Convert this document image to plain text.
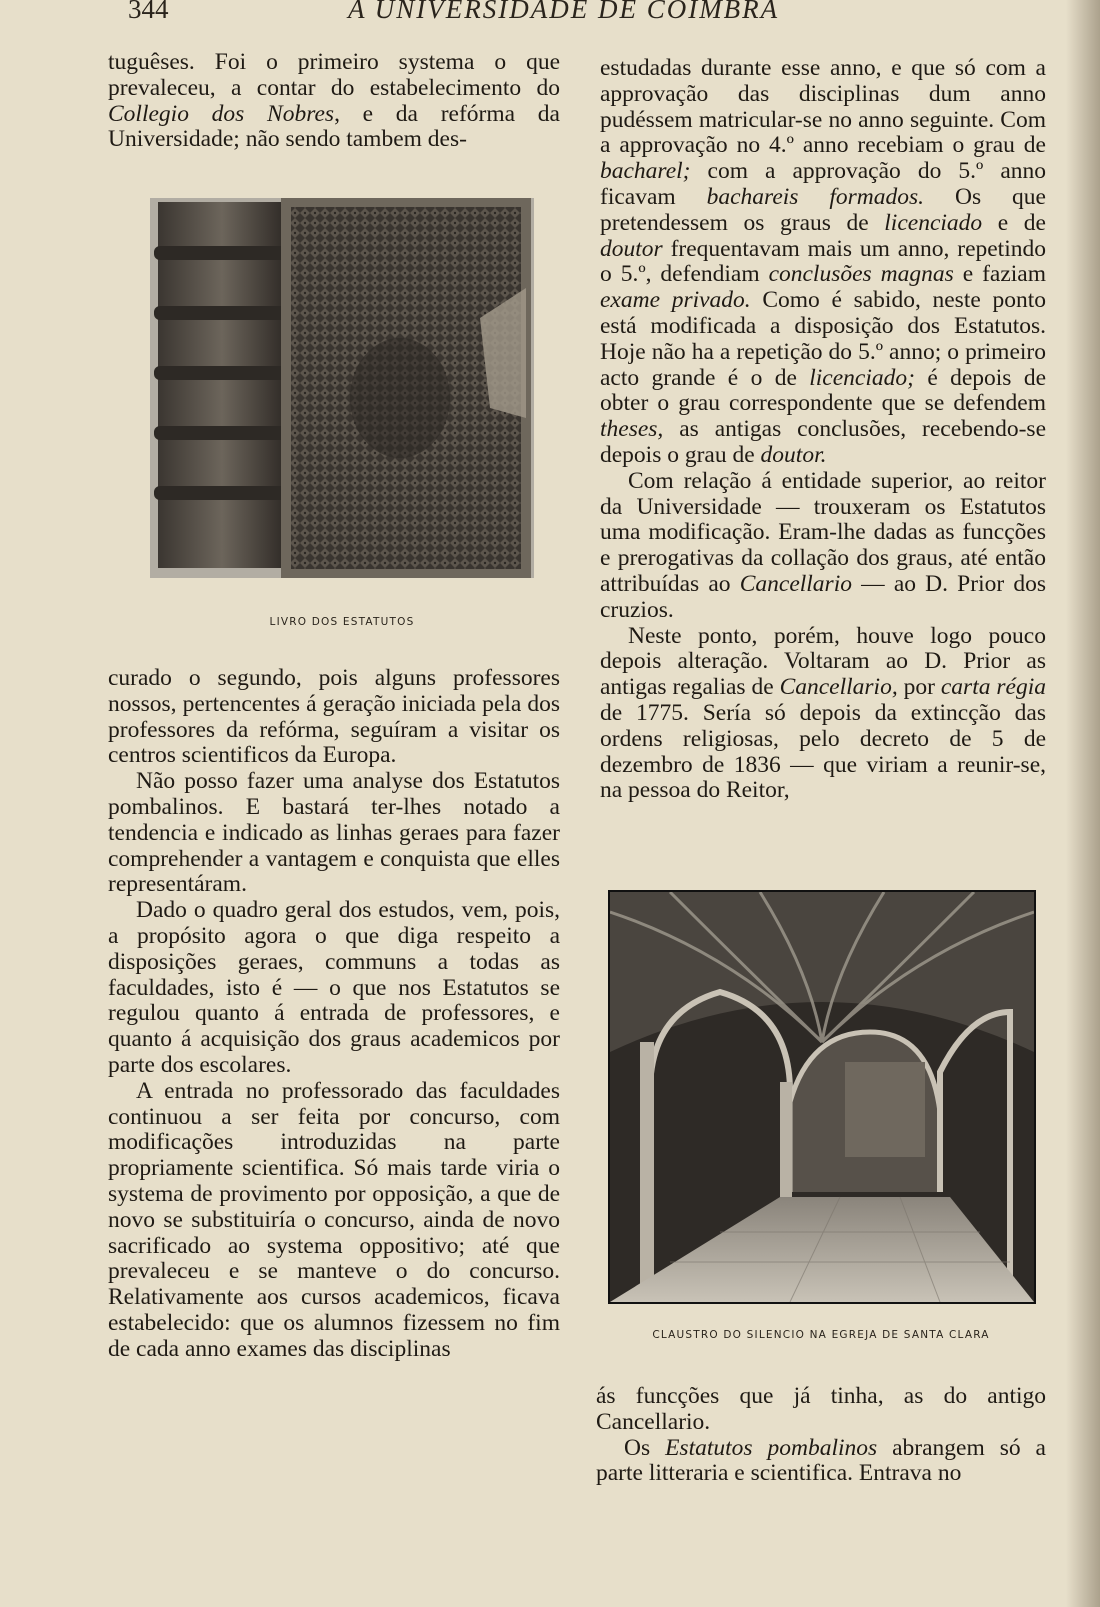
344	A UNIVERSIDADE DE COIMBRA

tuguêses. Foi o primeiro systema o que prevaleceu, a contar do estabelecimento do Collegio dos Nobres, e da refórma da Universidade; não sendo tambem des-

LIVRO DOS ESTATUTOS

curado o segundo, pois alguns professores nossos, pertencentes á geração iniciada pela dos professores da refórma, seguíram a visitar os centros scientificos da Europa.

Não posso fazer uma analyse dos Estatutos pombalinos. E bastará ter-lhes notado a tendencia e indicado as linhas geraes para fazer comprehender a vantagem e conquista que elles representáram.

Dado o quadro geral dos estudos, vem, pois, a propósito agora o que diga respeito a disposições geraes, communs a todas as faculdades, isto é — o que nos Estatutos se regulou quanto á entrada de professores, e quanto á acquisição dos graus academicos por parte dos escolares.

A entrada no professorado das faculdades continuou a ser feita por concurso, com modificações introduzidas na parte propriamente scientifica. Só mais tarde viria o systema de provimento por opposição, a que de novo se substituiría o concurso, ainda de novo sacrificado ao systema oppositivo; até que prevaleceu e se manteve o do concurso. Relativamente aos cursos academicos, ficava estabelecido: que os alumnos fizessem no fim de cada anno exames das disciplinas

estudadas durante esse anno, e que só com a approvação das disciplinas dum anno pudéssem matricular-se no anno seguinte. Com a approvação no 4.º anno recebiam o grau de bacharel; com a approvação do 5.º anno ficavam bachareis formados. Os que pretendessem os graus de licenciado e de doutor frequentavam mais um anno, repetindo o 5.º, defendiam conclusões magnas e faziam exame privado. Como é sabido, neste ponto está modificada a disposição dos Estatutos. Hoje não ha a repetição do 5.º anno; o primeiro acto grande é o de licenciado; é depois de obter o grau correspondente que se defendem theses, as antigas conclusões, recebendo-se depois o grau de doutor.

Com relação á entidade superior, ao reitor da Universidade — trouxeram os Estatutos uma modificação. Eram-lhe dadas as funcções e prerogativas da collação dos graus, até então attribuídas ao Cancellario — ao D. Prior dos cruzios.

Neste ponto, porém, houve logo pouco depois alteração. Voltaram ao D. Prior as antigas regalias de Cancellario, por carta régia de 1775. Sería só depois da extincção das ordens religiosas, pelo decreto de 5 de dezembro de 1836 — que viriam a reunir-se, na pessoa do Reitor,

CLAUSTRO DO SILENCIO NA EGREJA DE SANTA CLARA

ás funcções que já tinha, as do antigo Cancellario.

Os Estatutos pombalinos abrangem só a parte litteraria e scientifica. Entrava no
